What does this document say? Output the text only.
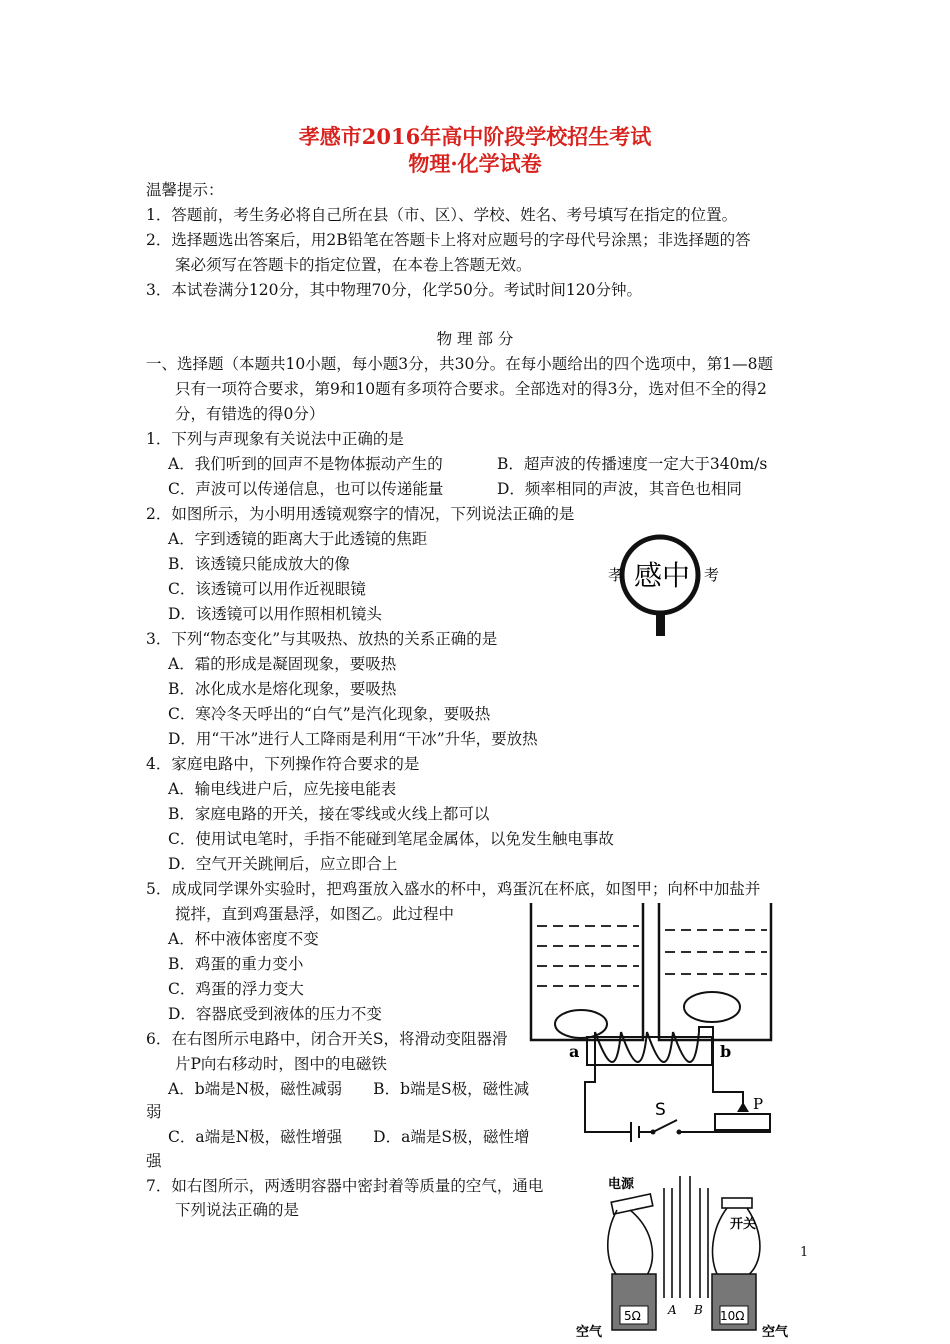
孝感市2016年高中阶段学校招生考试
物理·化学试卷
温馨提示：
1．答题前，考生务必将自己所在县（市、区）、学校、姓名、考号填写在指定的位置。
2．选择题选出答案后，用2B铅笔在答题卡上将对应题号的字母代号涂黑；非选择题的答
案必须写在答题卡的指定位置，在本卷上答题无效。
3．本试卷满分120分，其中物理70分，化学50分。考试时间120分钟。
物 理 部 分
一、选择题（本题共10小题，每小题3分，共30分。在每小题给出的四个选项中，第1—8题
只有一项符合要求，第9和10题有多项符合要求。全部选对的得3分，选对但不全的得2
分，有错选的得0分）
1．下列与声现象有关说法中正确的是
A．我们听到的回声不是物体振动产生的	B．超声波的传播速度一定大于340m/s
C．声波可以传递信息，也可以传递能量	D．频率相同的声波，其音色也相同
2．如图所示，为小明用透镜观察字的情况，下列说法正确的是
A．字到透镜的距离大于此透镜的焦距
B．该透镜只能成放大的像
C．该透镜可以用作近视眼镜
D．该透镜可以用作照相机镜头
孝 感中 考
3．下列“物态变化”与其吸热、放热的关系正确的是
A．霜的形成是凝固现象，要吸热
B．冰化成水是熔化现象，要吸热
C．寒冷冬天呼出的“白气”是汽化现象，要吸热
D．用“干冰”进行人工降雨是利用“干冰”升华，要放热
4．家庭电路中，下列操作符合要求的是
A．输电线进户后，应先接电能表
B．家庭电路的开关，接在零线或火线上都可以
C．使用试电笔时，手指不能碰到笔尾金属体，以免发生触电事故
D．空气开关跳闸后，应立即合上
5．成成同学课外实验时，把鸡蛋放入盛水的杯中，鸡蛋沉在杯底，如图甲；向杯中加盐并
搅拌，直到鸡蛋悬浮，如图乙。此过程中
A．杯中液体密度不变
B．鸡蛋的重力变小
C．鸡蛋的浮力变大
D．容器底受到液体的压力不变
6．在右图所示电路中，闭合开关S，将滑动变阻器滑
片P向右移动时，图中的电磁铁
A．b端是N极，磁性减弱　　B．b端是S极，磁性减
弱
C．a端是N极，磁性增强　　D．a端是S极，磁性增
强
a	b
S	P
7．如右图所示，两透明容器中密封着等质量的空气，通电
下列说法正确的是
5Ω	10Ω
电源
开关
A B
空气	空气
1
